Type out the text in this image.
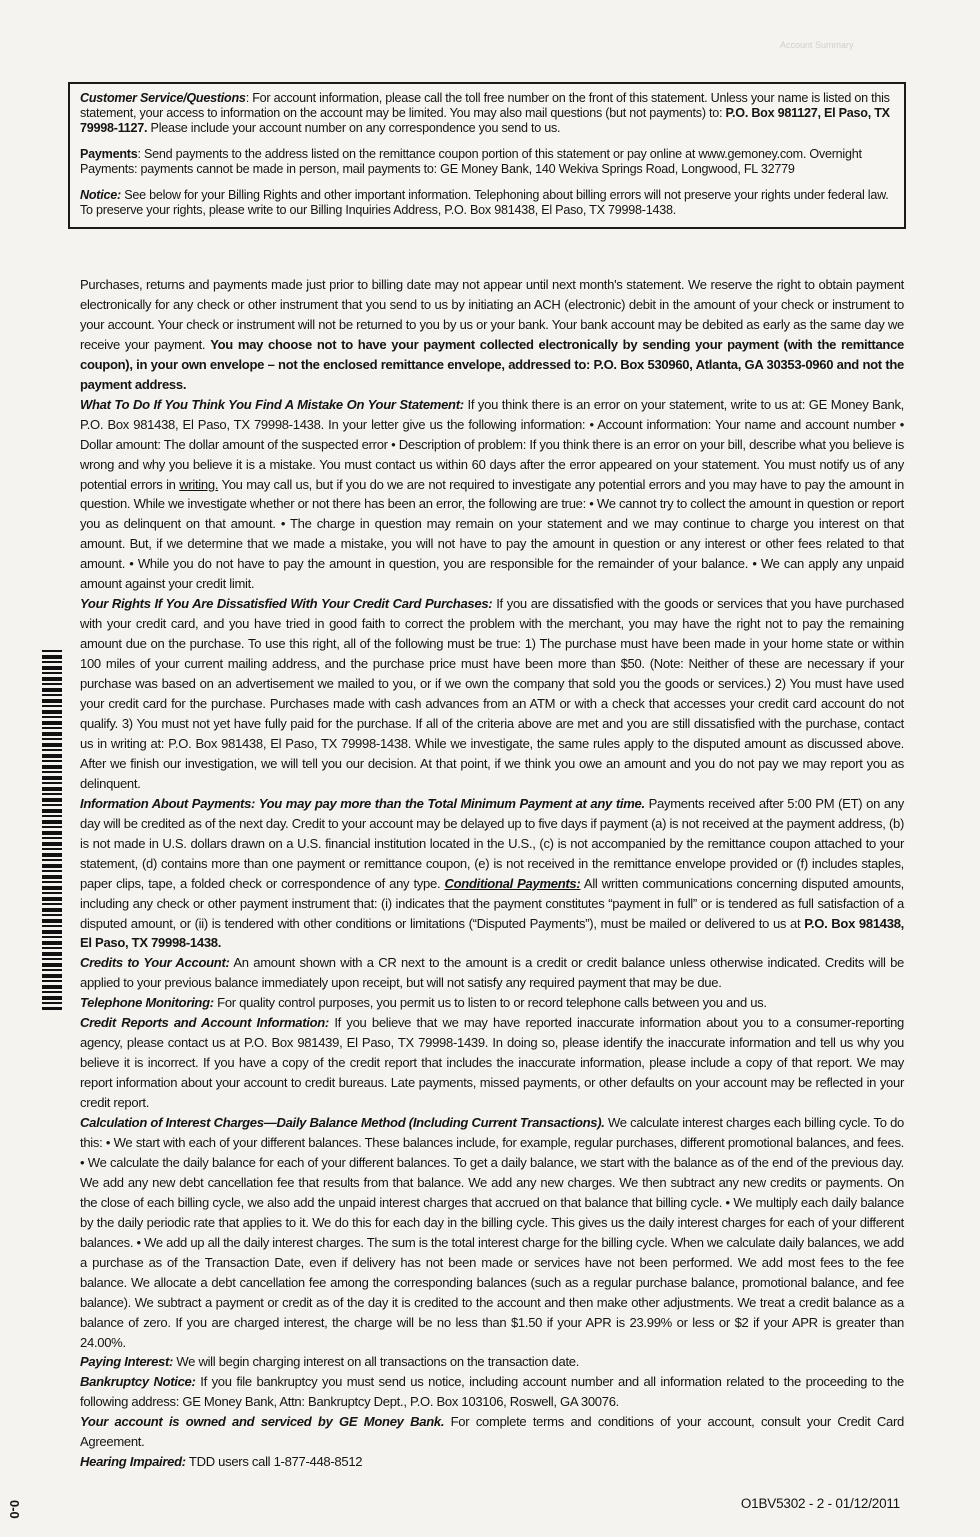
Account Summary

Customer Service/Questions: For account information, please call the toll free number on the front of this statement. Unless your name is listed on this statement, your access to information on the account may be limited. You may also mail questions (but not payments) to: P.O. Box 981127, El Paso, TX 79998-1127. Please include your account number on any correspondence you send to us.

Payments: Send payments to the address listed on the remittance coupon portion of this statement or pay online at www.gemoney.com. Overnight Payments: payments cannot be made in person, mail payments to: GE Money Bank, 140 Wekiva Springs Road, Longwood, FL 32779

Notice: See below for your Billing Rights and other important information. Telephoning about billing errors will not preserve your rights under federal law. To preserve your rights, please write to our Billing Inquiries Address, P.O. Box 981438, El Paso, TX 79998-1438.

Purchases, returns and payments made just prior to billing date may not appear until next month's statement. We reserve the right to obtain payment electronically for any check or other instrument that you send to us by initiating an ACH (electronic) debit in the amount of your check or instrument to your account. Your check or instrument will not be returned to you by us or your bank. Your bank account may be debited as early as the same day we receive your payment. You may choose not to have your payment collected electronically by sending your payment (with the remittance coupon), in your own envelope – not the enclosed remittance envelope, addressed to: P.O. Box 530960, Atlanta, GA 30353-0960 and not the payment address.

What To Do If You Think You Find A Mistake On Your Statement: If you think there is an error on your statement, write to us at: GE Money Bank, P.O. Box 981438, El Paso, TX 79998-1438. In your letter give us the following information: • Account information: Your name and account number • Dollar amount: The dollar amount of the suspected error • Description of problem: If you think there is an error on your bill, describe what you believe is wrong and why you believe it is a mistake. You must contact us within 60 days after the error appeared on your statement. You must notify us of any potential errors in writing. You may call us, but if you do we are not required to investigate any potential errors and you may have to pay the amount in question. While we investigate whether or not there has been an error, the following are true: • We cannot try to collect the amount in question or report you as delinquent on that amount. • The charge in question may remain on your statement and we may continue to charge you interest on that amount. But, if we determine that we made a mistake, you will not have to pay the amount in question or any interest or other fees related to that amount. • While you do not have to pay the amount in question, you are responsible for the remainder of your balance. • We can apply any unpaid amount against your credit limit.

Your Rights If You Are Dissatisfied With Your Credit Card Purchases: If you are dissatisfied with the goods or services that you have purchased with your credit card, and you have tried in good faith to correct the problem with the merchant, you may have the right not to pay the remaining amount due on the purchase. To use this right, all of the following must be true: 1) The purchase must have been made in your home state or within 100 miles of your current mailing address, and the purchase price must have been more than $50. (Note: Neither of these are necessary if your purchase was based on an advertisement we mailed to you, or if we own the company that sold you the goods or services.) 2) You must have used your credit card for the purchase. Purchases made with cash advances from an ATM or with a check that accesses your credit card account do not qualify. 3) You must not yet have fully paid for the purchase. If all of the criteria above are met and you are still dissatisfied with the purchase, contact us in writing at: P.O. Box 981438, El Paso, TX 79998-1438. While we investigate, the same rules apply to the disputed amount as discussed above. After we finish our investigation, we will tell you our decision. At that point, if we think you owe an amount and you do not pay we may report you as delinquent.

Information About Payments: You may pay more than the Total Minimum Payment at any time. Payments received after 5:00 PM (ET) on any day will be credited as of the next day. Credit to your account may be delayed up to five days if payment (a) is not received at the payment address, (b) is not made in U.S. dollars drawn on a U.S. financial institution located in the U.S., (c) is not accompanied by the remittance coupon attached to your statement, (d) contains more than one payment or remittance coupon, (e) is not received in the remittance envelope provided or (f) includes staples, paper clips, tape, a folded check or correspondence of any type. Conditional Payments: All written communications concerning disputed amounts, including any check or other payment instrument that: (i) indicates that the payment constitutes “payment in full” or is tendered as full satisfaction of a disputed amount, or (ii) is tendered with other conditions or limitations (“Disputed Payments”), must be mailed or delivered to us at P.O. Box 981438, El Paso, TX 79998-1438.

Credits to Your Account: An amount shown with a CR next to the amount is a credit or credit balance unless otherwise indicated. Credits will be applied to your previous balance immediately upon receipt, but will not satisfy any required payment that may be due.

Telephone Monitoring: For quality control purposes, you permit us to listen to or record telephone calls between you and us.

Credit Reports and Account Information: If you believe that we may have reported inaccurate information about you to a consumer-reporting agency, please contact us at P.O. Box 981439, El Paso, TX 79998-1439. In doing so, please identify the inaccurate information and tell us why you believe it is incorrect. If you have a copy of the credit report that includes the inaccurate information, please include a copy of that report. We may report information about your account to credit bureaus. Late payments, missed payments, or other defaults on your account may be reflected in your credit report.

Calculation of Interest Charges—Daily Balance Method (Including Current Transactions). We calculate interest charges each billing cycle. To do this: • We start with each of your different balances. These balances include, for example, regular purchases, different promotional balances, and fees. • We calculate the daily balance for each of your different balances. To get a daily balance, we start with the balance as of the end of the previous day. We add any new debt cancellation fee that results from that balance. We add any new charges. We then subtract any new credits or payments. On the close of each billing cycle, we also add the unpaid interest charges that accrued on that balance that billing cycle. • We multiply each daily balance by the daily periodic rate that applies to it. We do this for each day in the billing cycle. This gives us the daily interest charges for each of your different balances. • We add up all the daily interest charges. The sum is the total interest charge for the billing cycle. When we calculate daily balances, we add a purchase as of the Transaction Date, even if delivery has not been made or services have not been performed. We add most fees to the fee balance. We allocate a debt cancellation fee among the corresponding balances (such as a regular purchase balance, promotional balance, and fee balance). We subtract a payment or credit as of the day it is credited to the account and then make other adjustments. We treat a credit balance as a balance of zero. If you are charged interest, the charge will be no less than $1.50 if your APR is 23.99% or less or $2 if your APR is greater than 24.00%.

Paying Interest: We will begin charging interest on all transactions on the transaction date.

Bankruptcy Notice: If you file bankruptcy you must send us notice, including account number and all information related to the proceeding to the following address: GE Money Bank, Attn: Bankruptcy Dept., P.O. Box 103106, Roswell, GA 30076.

Your account is owned and serviced by GE Money Bank. For complete terms and conditions of your account, consult your Credit Card Agreement.

Hearing Impaired: TDD users call 1-877-448-8512

0-0	O1BV5302 - 2 - 01/12/2011
